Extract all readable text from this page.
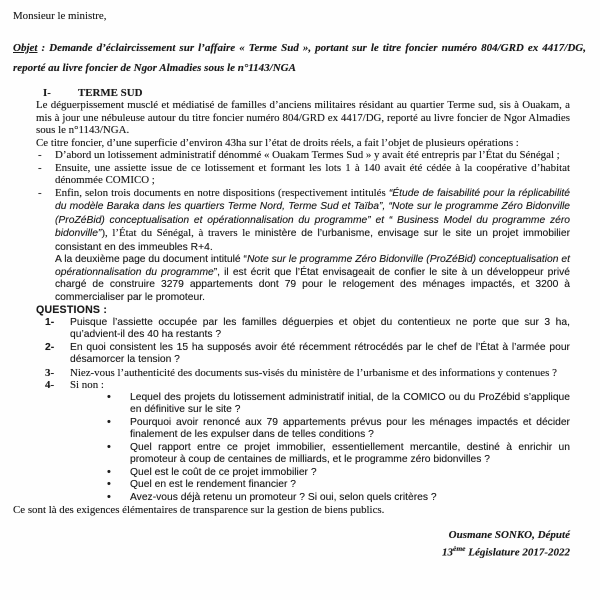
Monsieur le ministre,

Objet : Demande d’éclaircissement sur l’affaire « Terme Sud », portant sur le titre foncier numéro 804/GRD ex 4417/DG, reporté au livre foncier de Ngor Almadies sous le n°1143/NGA

I- TERME SUD

Le déguerpissement musclé et médiatisé de familles d’anciens militaires résidant au quartier Terme sud, sis à Ouakam, a mis à jour une nébuleuse autour du titre foncier numéro 804/GRD ex 4417/DG, reporté au livre foncier de Ngor Almadies sous le n°1143/NGA.

Ce titre foncier, d’une superficie d’environ 43ha sur l’état de droits réels, a fait l’objet de plusieurs opérations :

- D’abord un lotissement administratif dénommé « Ouakam Termes Sud » y avait été entrepris par l’État du Sénégal ;
- Ensuite, une assiette issue de ce lotissement et formant les lots 1 à 140 avait été cédée à la coopérative d’habitat dénommée COMICO ;
- Enfin, selon trois documents en notre dispositions (respectivement intitulés “Étude de faisabilité pour la réplicabilité du modèle Baraka dans les quartiers Terme Nord, Terme Sud et Taïba”, “Note sur le programme Zéro Bidonville (ProZéBid) conceptualisation et opérationnalisation du programme” et “ Business Model du programme zéro bidonville”), l’État du Sénégal, à travers le ministère de l’urbanisme, envisage sur le site un projet immobilier consistant en des immeubles R+4.

A la deuxième page du document intitulé “Note sur le programme Zéro Bidonville (ProZéBid) conceptualisation et opérationnalisation du programme”, il est écrit que l’État envisageait de confier le site à un développeur privé chargé de construire 3279 appartements dont 79 pour le relogement des ménages impactés, et 3200 à commercialiser par le promoteur.

QUESTIONS :

1- Puisque l’assiette occupée par les familles déguerpies et objet du contentieux ne porte que sur 3 ha, qu’advient-il des 40 ha restants ?
2- En quoi consistent les 15 ha supposés avoir été récemment rétrocédés par le chef de l’État à l’armée pour désamorcer la tension ?
3- Niez-vous l’authenticité des documents sus-visés du ministère de l’urbanisme et des informations y contenues ?
4- Si non :
• Lequel des projets du lotissement administratif initial, de la COMICO ou du ProZébid s’applique en définitive sur le site ?
• Pourquoi avoir renoncé aux 79 appartements prévus pour les ménages impactés et décider finalement de les expulser dans de telles conditions ?
• Quel rapport entre ce projet immobilier, essentiellement mercantile, destiné à enrichir un promoteur à coup de centaines de milliards, et le programme zéro bidonvilles ?
• Quel est le coût de ce projet immobilier ?
• Quel en est le rendement financier ?
• Avez-vous déjà retenu un promoteur ? Si oui, selon quels critères ?

Ce sont là des exigences élémentaires de transparence sur la gestion de biens publics.

Ousmane SONKO, Député
13ème Législature 2017-2022
